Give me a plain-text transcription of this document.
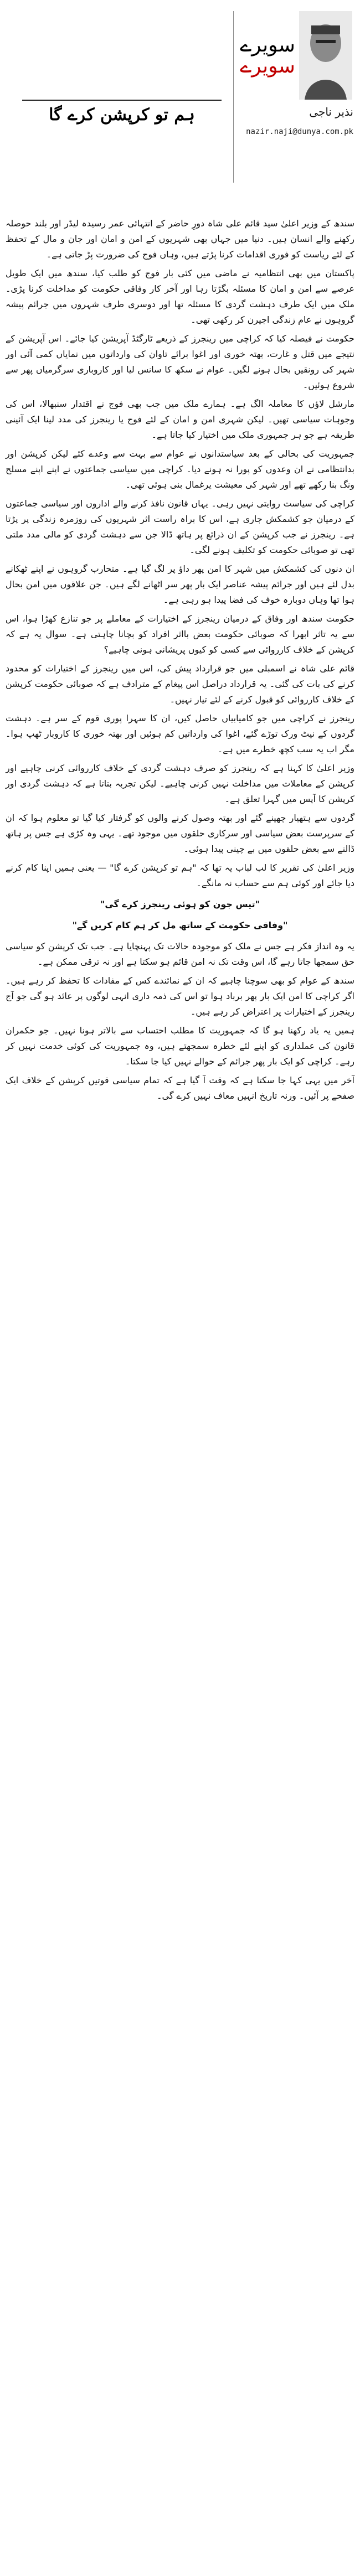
ہم تو کرپشن کرے گا
سویرے
سویرے
نذیر ناجی
nazir.naji@dunya.com.pk

سندھ کے وزیر اعلیٰ سید قائم علی شاہ دورِ حاضر کے انتہائی عمر رسیدہ لیڈر اور بلند حوصلہ رکھنے والے انسان ہیں۔ دنیا میں جہاں بھی شہریوں کے امن و امان اور جان و مال کے تحفظ کے لئے ریاست کو فوری اقدامات کرنا پڑتے ہیں، وہاں فوج کی ضرورت پڑ جاتی ہے۔

پاکستان میں بھی انتظامیہ نے ماضی میں کئی بار فوج کو طلب کیا، سندھ میں ایک طویل عرصے سے امن و امان کا مسئلہ بگڑتا رہا اور آخر کار وفاقی حکومت کو مداخلت کرنا پڑی۔ ملک میں ایک طرف دہشت گردی کا مسئلہ تھا اور دوسری طرف شہروں میں جرائم پیشہ گروہوں نے عام زندگی اجیرن کر رکھی تھی۔

حکومت نے فیصلہ کیا کہ کراچی میں رینجرز کے ذریعے ٹارگٹڈ آپریشن کیا جائے۔ اس آپریشن کے نتیجے میں قتل و غارت، بھتہ خوری اور اغوا برائے تاوان کی وارداتوں میں نمایاں کمی آئی اور شہر کی رونقیں بحال ہونے لگیں۔ عوام نے سکھ کا سانس لیا اور کاروباری سرگرمیاں پھر سے شروع ہوئیں۔

مارشل لاؤں کا معاملہ الگ ہے۔ ہمارے ملک میں جب بھی فوج نے اقتدار سنبھالا، اس کی وجوہات سیاسی تھیں۔ لیکن شہری امن و امان کے لئے فوج یا رینجرز کی مدد لینا ایک آئینی طریقہ ہے جو ہر جمہوری ملک میں اختیار کیا جاتا ہے۔

جمہوریت کی بحالی کے بعد سیاستدانوں نے عوام سے بہت سے وعدے کئے لیکن کرپشن اور بدانتظامی نے ان وعدوں کو پورا نہ ہونے دیا۔ کراچی میں سیاسی جماعتوں نے اپنے اپنے مسلح ونگ بنا رکھے تھے اور شہر کی معیشت یرغمال بنی ہوئی تھی۔

کراچی کی سیاست روایتی نہیں رہی۔ یہاں قانون نافذ کرنے والے اداروں اور سیاسی جماعتوں کے درمیان جو کشمکش جاری ہے، اس کا براہ راست اثر شہریوں کی روزمرہ زندگی پر پڑتا ہے۔ رینجرز نے جب کرپشن کے ان ذرائع پر ہاتھ ڈالا جن سے دہشت گردی کو مالی مدد ملتی تھی تو صوبائی حکومت کو تکلیف ہونے لگی۔

ان دنوں کی کشمکش میں شہر کا امن پھر داؤ پر لگ گیا ہے۔ متحارب گروہوں نے اپنے ٹھکانے بدل لئے ہیں اور جرائم پیشہ عناصر ایک بار پھر سر اٹھانے لگے ہیں۔ جن علاقوں میں امن بحال ہوا تھا وہاں دوبارہ خوف کی فضا پیدا ہو رہی ہے۔

حکومت سندھ اور وفاق کے درمیان رینجرز کے اختیارات کے معاملے پر جو تنازع کھڑا ہوا، اس سے یہ تاثر ابھرا کہ صوبائی حکومت بعض بااثر افراد کو بچانا چاہتی ہے۔ سوال یہ ہے کہ کرپشن کے خلاف کارروائی سے کسی کو کیوں پریشانی ہونی چاہیے؟

قائم علی شاہ نے اسمبلی میں جو قرارداد پیش کی، اس میں رینجرز کے اختیارات کو محدود کرنے کی بات کی گئی۔ یہ قرارداد دراصل اس پیغام کے مترادف ہے کہ صوبائی حکومت کرپشن کے خلاف کارروائی کو قبول کرنے کے لئے تیار نہیں۔

رینجرز نے کراچی میں جو کامیابیاں حاصل کیں، ان کا سہرا پوری قوم کے سر ہے۔ دہشت گردوں کے نیٹ ورک توڑے گئے، اغوا کی وارداتیں کم ہوئیں اور بھتہ خوری کا کاروبار ٹھپ ہوا۔ مگر اب یہ سب کچھ خطرے میں ہے۔

وزیر اعلیٰ کا کہنا ہے کہ رینجرز کو صرف دہشت گردی کے خلاف کارروائی کرنی چاہیے اور کرپشن کے معاملات میں مداخلت نہیں کرنی چاہیے۔ لیکن تجربہ بتاتا ہے کہ دہشت گردی اور کرپشن کا آپس میں گہرا تعلق ہے۔

گردوں سے ہتھیار چھینے گئے اور بھتہ وصول کرنے والوں کو گرفتار کیا گیا تو معلوم ہوا کہ ان کے سرپرست بعض سیاسی اور سرکاری حلقوں میں موجود تھے۔ یہی وہ کڑی ہے جس پر ہاتھ ڈالنے سے بعض حلقوں میں بے چینی پیدا ہوئی۔

وزیر اعلیٰ کی تقریر کا لب لباب یہ تھا کہ "ہم تو کرپشن کرے گا" — یعنی ہمیں اپنا کام کرنے دیا جائے اور کوئی ہم سے حساب نہ مانگے۔

"تیس جون کو ہوئی رینجرز کرے گی"

"وفاقی حکومت کے ساتھ مل کر ہم کام کریں گے"

یہ وہ انداز فکر ہے جس نے ملک کو موجودہ حالات تک پہنچایا ہے۔ جب تک کرپشن کو سیاسی حق سمجھا جاتا رہے گا، اس وقت تک نہ امن قائم ہو سکتا ہے اور نہ ترقی ممکن ہے۔

سندھ کے عوام کو بھی سوچنا چاہیے کہ ان کے نمائندے کس کے مفادات کا تحفظ کر رہے ہیں۔ اگر کراچی کا امن ایک بار پھر برباد ہوا تو اس کی ذمہ داری انہی لوگوں پر عائد ہو گی جو آج رینجرز کے اختیارات پر اعتراض کر رہے ہیں۔

ہمیں یہ یاد رکھنا ہو گا کہ جمہوریت کا مطلب احتساب سے بالاتر ہونا نہیں۔ جو حکمران قانون کی عملداری کو اپنے لئے خطرہ سمجھتے ہیں، وہ جمہوریت کی کوئی خدمت نہیں کر رہے۔ کراچی کو ایک بار پھر جرائم کے حوالے نہیں کیا جا سکتا۔

آخر میں یہی کہا جا سکتا ہے کہ وقت آ گیا ہے کہ تمام سیاسی قوتیں کرپشن کے خلاف ایک صفحے پر آئیں۔ ورنہ تاریخ انہیں معاف نہیں کرے گی۔
